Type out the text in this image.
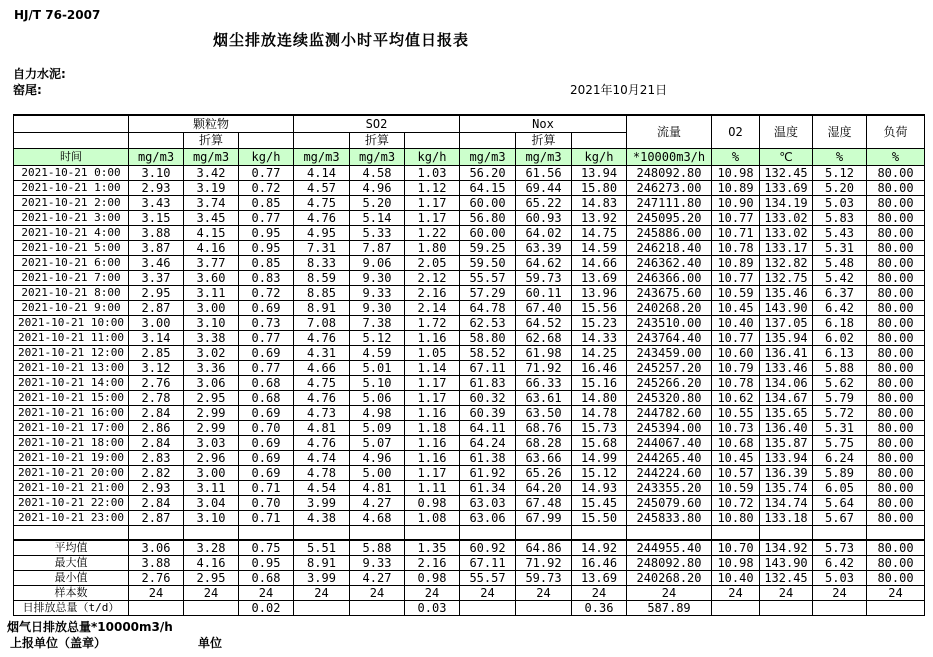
HJ/T 76-2007
烟尘排放连续监测小时平均值日报表
自力水泥:
窑尾:	2021年10月21日
	颗粒物			SO2			Nox			流量	O2	温度	湿度	负荷
		折算			折算			折算						
时间	mg/m3	mg/m3	kg/h	mg/m3	mg/m3	kg/h	mg/m3	mg/m3	kg/h	*10000m3/h	%	℃	%	%
2021-10-21 0:00	3.10	3.42	0.77	4.14	4.58	1.03	56.20	61.56	13.94	248092.80	10.98	132.45	5.12	80.00
2021-10-21 1:00	2.93	3.19	0.72	4.57	4.96	1.12	64.15	69.44	15.80	246273.00	10.89	133.69	5.20	80.00
2021-10-21 2:00	3.43	3.74	0.85	4.75	5.20	1.17	60.00	65.22	14.83	247111.80	10.90	134.19	5.03	80.00
2021-10-21 3:00	3.15	3.45	0.77	4.76	5.14	1.17	56.80	60.93	13.92	245095.20	10.77	133.02	5.83	80.00
2021-10-21 4:00	3.88	4.15	0.95	4.95	5.33	1.22	60.00	64.02	14.75	245886.00	10.71	133.02	5.43	80.00
2021-10-21 5:00	3.87	4.16	0.95	7.31	7.87	1.80	59.25	63.39	14.59	246218.40	10.78	133.17	5.31	80.00
2021-10-21 6:00	3.46	3.77	0.85	8.33	9.06	2.05	59.50	64.62	14.66	246362.40	10.89	132.82	5.48	80.00
2021-10-21 7:00	3.37	3.60	0.83	8.59	9.30	2.12	55.57	59.73	13.69	246366.00	10.77	132.75	5.42	80.00
2021-10-21 8:00	2.95	3.11	0.72	8.85	9.33	2.16	57.29	60.11	13.96	243675.60	10.59	135.46	6.37	80.00
2021-10-21 9:00	2.87	3.00	0.69	8.91	9.30	2.14	64.78	67.40	15.56	240268.20	10.45	143.90	6.42	80.00
2021-10-21 10:00	3.00	3.10	0.73	7.08	7.38	1.72	62.53	64.52	15.23	243510.00	10.40	137.05	6.18	80.00
2021-10-21 11:00	3.14	3.38	0.77	4.76	5.12	1.16	58.80	62.68	14.33	243764.40	10.77	135.94	6.02	80.00
2021-10-21 12:00	2.85	3.02	0.69	4.31	4.59	1.05	58.52	61.98	14.25	243459.00	10.60	136.41	6.13	80.00
2021-10-21 13:00	3.12	3.36	0.77	4.66	5.01	1.14	67.11	71.92	16.46	245257.20	10.79	133.46	5.88	80.00
2021-10-21 14:00	2.76	3.06	0.68	4.75	5.10	1.17	61.83	66.33	15.16	245266.20	10.78	134.06	5.62	80.00
2021-10-21 15:00	2.78	2.95	0.68	4.76	5.06	1.17	60.32	63.61	14.80	245320.80	10.62	134.67	5.79	80.00
2021-10-21 16:00	2.84	2.99	0.69	4.73	4.98	1.16	60.39	63.50	14.78	244782.60	10.55	135.65	5.72	80.00
2021-10-21 17:00	2.86	2.99	0.70	4.81	5.09	1.18	64.11	68.76	15.73	245394.00	10.73	136.40	5.31	80.00
2021-10-21 18:00	2.84	3.03	0.69	4.76	5.07	1.16	64.24	68.28	15.68	244067.40	10.68	135.87	5.75	80.00
2021-10-21 19:00	2.83	2.96	0.69	4.74	4.96	1.16	61.38	63.66	14.99	244265.40	10.45	133.94	6.24	80.00
2021-10-21 20:00	2.82	3.00	0.69	4.78	5.00	1.17	61.92	65.26	15.12	244224.60	10.57	136.39	5.89	80.00
2021-10-21 21:00	2.93	3.11	0.71	4.54	4.81	1.11	61.34	64.20	14.93	243355.20	10.59	135.74	6.05	80.00
2021-10-21 22:00	2.84	3.04	0.70	3.99	4.27	0.98	63.03	67.48	15.45	245079.60	10.72	134.74	5.64	80.00
2021-10-21 23:00	2.87	3.10	0.71	4.38	4.68	1.08	63.06	67.99	15.50	245833.80	10.80	133.18	5.67	80.00

平均值	3.06	3.28	0.75	5.51	5.88	1.35	60.92	64.86	14.92	244955.40	10.70	134.92	5.73	80.00
最大值	3.88	4.16	0.95	8.91	9.33	2.16	67.11	71.92	16.46	248092.80	10.98	143.90	6.42	80.00
最小值	2.76	2.95	0.68	3.99	4.27	0.98	55.57	59.73	13.69	240268.20	10.40	132.45	5.03	80.00
样本数	24	24	24	24	24	24	24	24	24	24	24	24	24	24
日排放总量（t/d）			0.02			0.03			0.36	587.89				
烟气日排放总量*10000m3/h
上报单位（盖章）	单位
